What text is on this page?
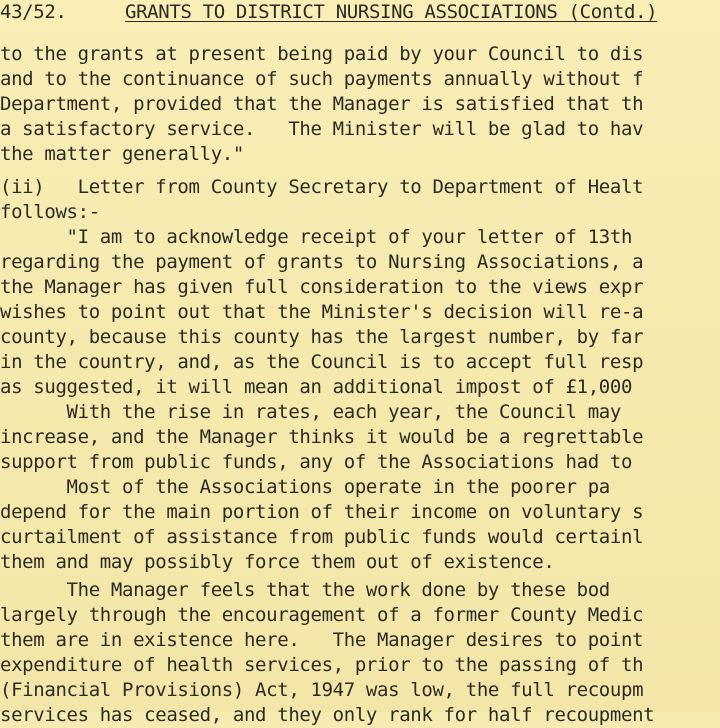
43/52.	GRANTS TO DISTRICT NURSING ASSOCIATIONS (Contd.)
to the grants at present being paid by your Council to dis
and to the continuance of such payments annually without f
Department, provided that the Manager is satisfied that th
a satisfactory service.   The Minister will be glad to hav
the matter generally."
(ii)   Letter from County Secretary to Department of Healt
follows:-
"I am to acknowledge receipt of your letter of 13th
regarding the payment of grants to Nursing Associations, a
the Manager has given full consideration to the views expr
wishes to point out that the Minister's decision will re-a
county, because this county has the largest number, by far
in the country, and, as the Council is to accept full resp
as suggested, it will mean an additional impost of £1,000
With the rise in rates, each year, the Council may
increase, and the Manager thinks it would be a regrettable
support from public funds, any of the Associations had to
Most of the Associations operate in the poorer pa
depend for the main portion of their income on voluntary s
curtailment of assistance from public funds would certainl
them and may possibly force them out of existence.
The Manager feels that the work done by these bod
largely through the encouragement of a former County Medic
them are in existence here.   The Manager desires to point
expenditure of health services, prior to the passing of th
(Financial Provisions) Act, 1947 was low, the full recoupm
services has ceased, and they only rank for half recoupment
